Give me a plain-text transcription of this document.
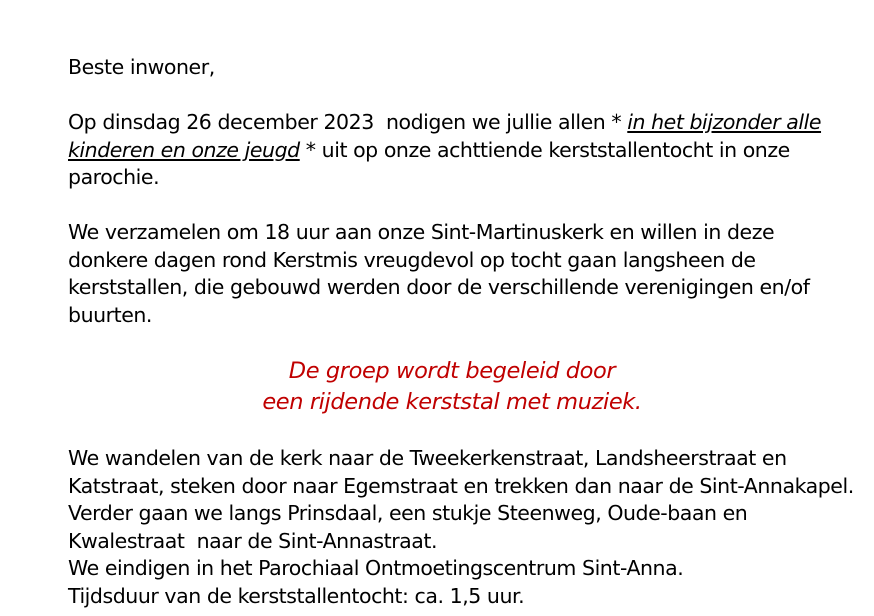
Beste inwoner,

Op dinsdag 26 december 2023  nodigen we jullie allen * in het bijzonder alle kinderen en onze jeugd * uit op onze achttiende kerststallentocht in onze parochie.

We verzamelen om 18 uur aan onze Sint-Martinuskerk en willen in deze donkere dagen rond Kerstmis vreugdevol op tocht gaan langsheen de kerststallen, die gebouwd werden door de verschillende verenigingen en/of buurten.

De groep wordt begeleid door
een rijdende kerststal met muziek.

We wandelen van de kerk naar de Tweekerkenstraat, Landsheerstraat en Katstraat, steken door naar Egemstraat en trekken dan naar de Sint-Annakapel. Verder gaan we langs Prinsdaal, een stukje Steenweg, Oude-baan en Kwalestraat  naar de Sint-Annastraat.

We eindigen in het Parochiaal Ontmoetingscentrum Sint-Anna.

Tijdsduur van de kerststallentocht: ca. 1,5 uur.
